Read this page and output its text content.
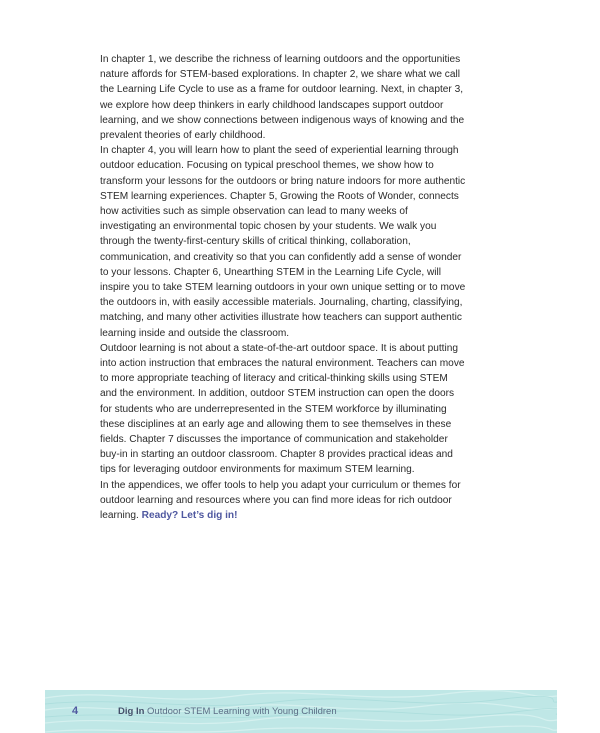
In chapter 1, we describe the richness of learning outdoors and the opportunities nature affords for STEM-based explorations. In chapter 2, we share what we call the Learning Life Cycle to use as a frame for outdoor learning. Next, in chapter 3, we explore how deep thinkers in early childhood landscapes support outdoor learning, and we show connections between indigenous ways of knowing and the prevalent theories of early childhood.

In chapter 4, you will learn how to plant the seed of experiential learning through outdoor education. Focusing on typical preschool themes, we show how to transform your lessons for the outdoors or bring nature indoors for more authentic STEM learning experiences. Chapter 5, Growing the Roots of Wonder, connects how activities such as simple observation can lead to many weeks of investigating an environmental topic chosen by your students. We walk you through the twenty-first-century skills of critical thinking, collaboration, communication, and creativity so that you can confidently add a sense of wonder to your lessons. Chapter 6, Unearthing STEM in the Learning Life Cycle, will inspire you to take STEM learning outdoors in your own unique setting or to move the outdoors in, with easily accessible materials. Journaling, charting, classifying, matching, and many other activities illustrate how teachers can support authentic learning inside and outside the classroom.

Outdoor learning is not about a state-of-the-art outdoor space. It is about putting into action instruction that embraces the natural environment. Teachers can move to more appropriate teaching of literacy and critical-thinking skills using STEM and the environment. In addition, outdoor STEM instruction can open the doors for students who are underrepresented in the STEM workforce by illuminating these disciplines at an early age and allowing them to see themselves in these fields. Chapter 7 discusses the importance of communication and stakeholder buy-in in starting an outdoor classroom. Chapter 8 provides practical ideas and tips for leveraging outdoor environments for maximum STEM learning.

In the appendices, we offer tools to help you adapt your curriculum or themes for outdoor learning and resources where you can find more ideas for rich outdoor learning. Ready? Let’s dig in!

4	Dig In Outdoor STEM Learning with Young Children
